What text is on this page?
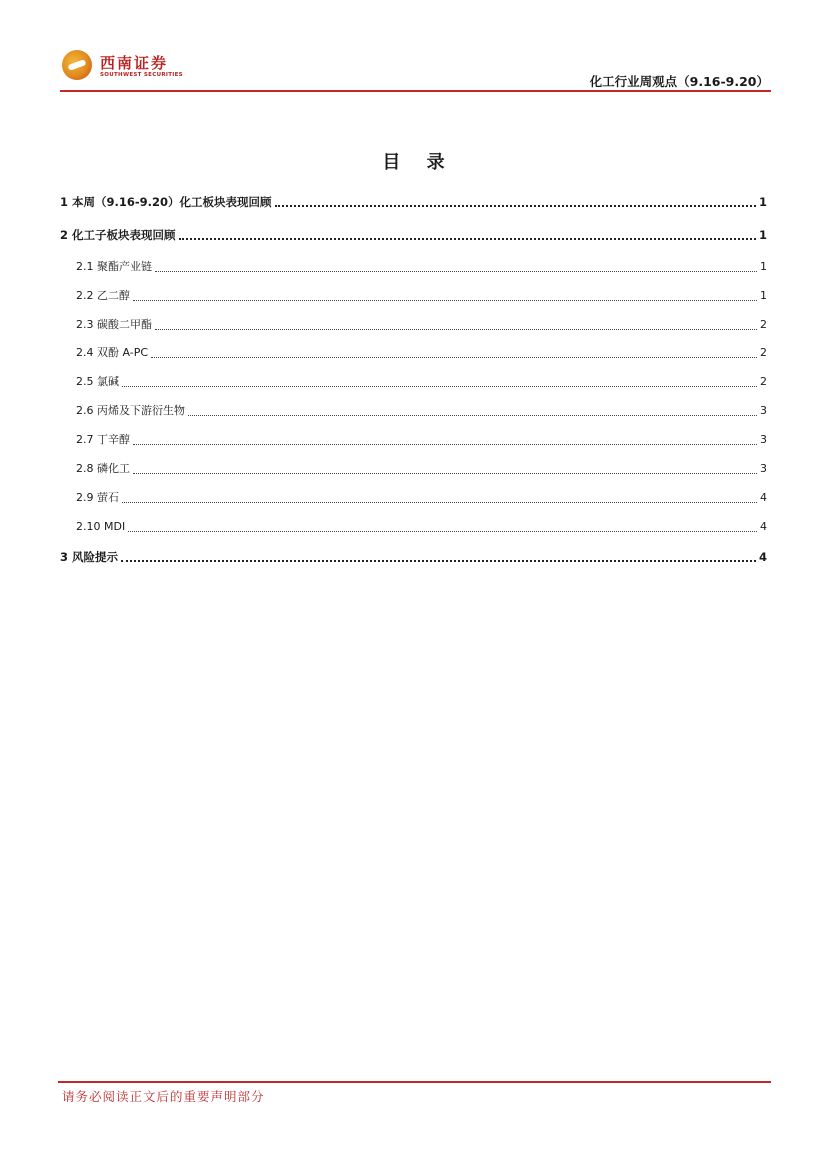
西南证券
SOUTHWEST SECURITIES	化工行业周观点（9.16-9.20）
目 录
1 本周（9.16-9.20）化工板块表现回顾	1
2 化工子板块表现回顾	1
2.1 聚酯产业链	1
2.2 乙二醇	1
2.3 碳酸二甲酯	2
2.4 双酚 A-PC	2
2.5 氯碱	2
2.6 丙烯及下游衍生物	3
2.7 丁辛醇	3
2.8 磷化工	3
2.9 萤石	4
2.10 MDI	4
3 风险提示	4
请务必阅读正文后的重要声明部分
